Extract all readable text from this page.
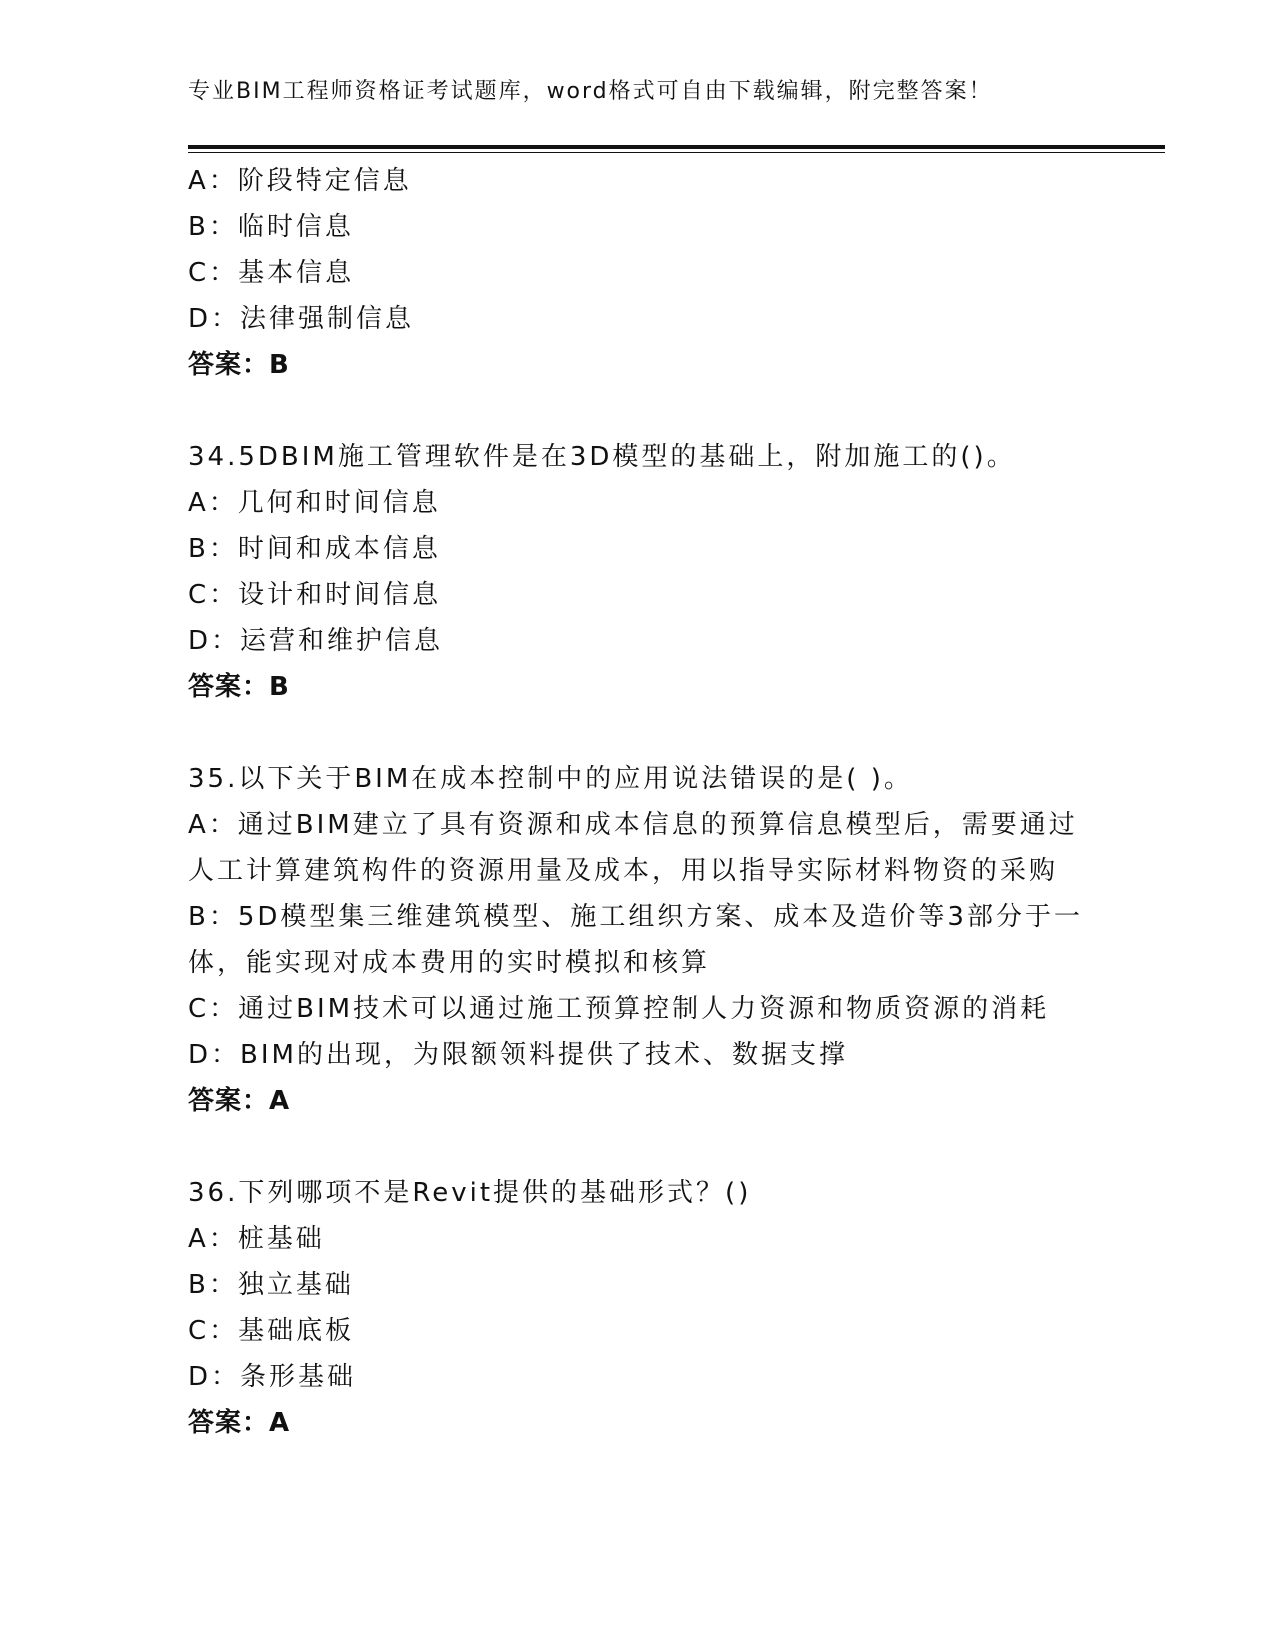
专业BIM工程师资格证考试题库，word格式可自由下载编辑，附完整答案！
A：阶段特定信息
B：临时信息
C：基本信息
D：法律强制信息
答案：B
34.5DBIM施工管理软件是在3D模型的基础上，附加施工的()。
A：几何和时间信息
B：时间和成本信息
C：设计和时间信息
D：运营和维护信息
答案：B
35.以下关于BIM在成本控制中的应用说法错误的是( )。
A：通过BIM建立了具有资源和成本信息的预算信息模型后，需要通过人工计算建筑构件的资源用量及成本，用以指导实际材料物资的采购
B：5D模型集三维建筑模型、施工组织方案、成本及造价等3部分于一体，能实现对成本费用的实时模拟和核算
C：通过BIM技术可以通过施工预算控制人力资源和物质资源的消耗
D：BIM的出现，为限额领料提供了技术、数据支撑
答案：A
36.下列哪项不是Revit提供的基础形式？()
A：桩基础
B：独立基础
C：基础底板
D：条形基础
答案：A
